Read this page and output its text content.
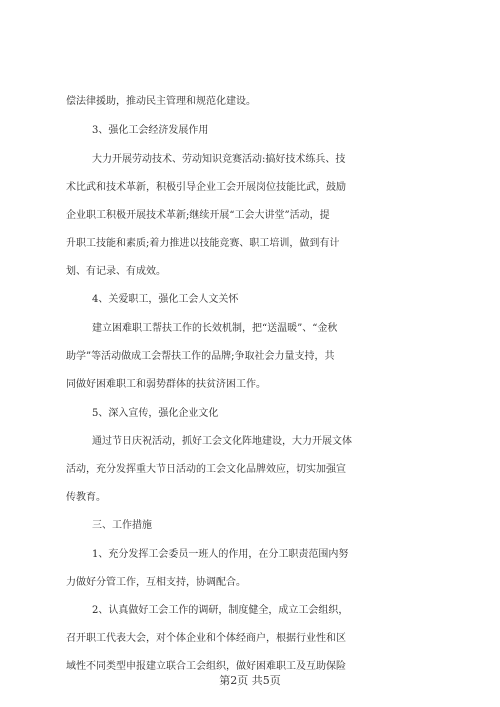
偿法律援助，推动民主管理和规范化建设。
3、强化工会经济发展作用
大力开展劳动技术、劳动知识竞赛活动:搞好技术练兵、技
术比武和技术革新，积极引导企业工会开展岗位技能比武，鼓励
企业职工积极开展技术革新;继续开展“工会大讲堂”活动，提
升职工技能和素质;着力推进以技能竞赛、职工培训，做到有计
划、有记录、有成效。
4、关爱职工，强化工会人文关怀
建立困难职工帮扶工作的长效机制，把“送温暖”、“金秋
助学”等活动做成工会帮扶工作的品牌;争取社会力量支持，共
同做好困难职工和弱势群体的扶贫济困工作。
5、深入宣传，强化企业文化
通过节日庆祝活动，抓好工会文化阵地建设，大力开展文体
活动，充分发挥重大节日活动的工会文化品牌效应，切实加强宣
传教育。
三、工作措施
1、充分发挥工会委员一班人的作用，在分工职责范围内努
力做好分管工作，互相支持，协调配合。
2、认真做好工会工作的调研，制度健全，成立工会组织，
召开职工代表大会，对个体企业和个体经商户，根据行业性和区
域性不同类型申报建立联合工会组织，做好困难职工及互助保险
第2页 共5页
